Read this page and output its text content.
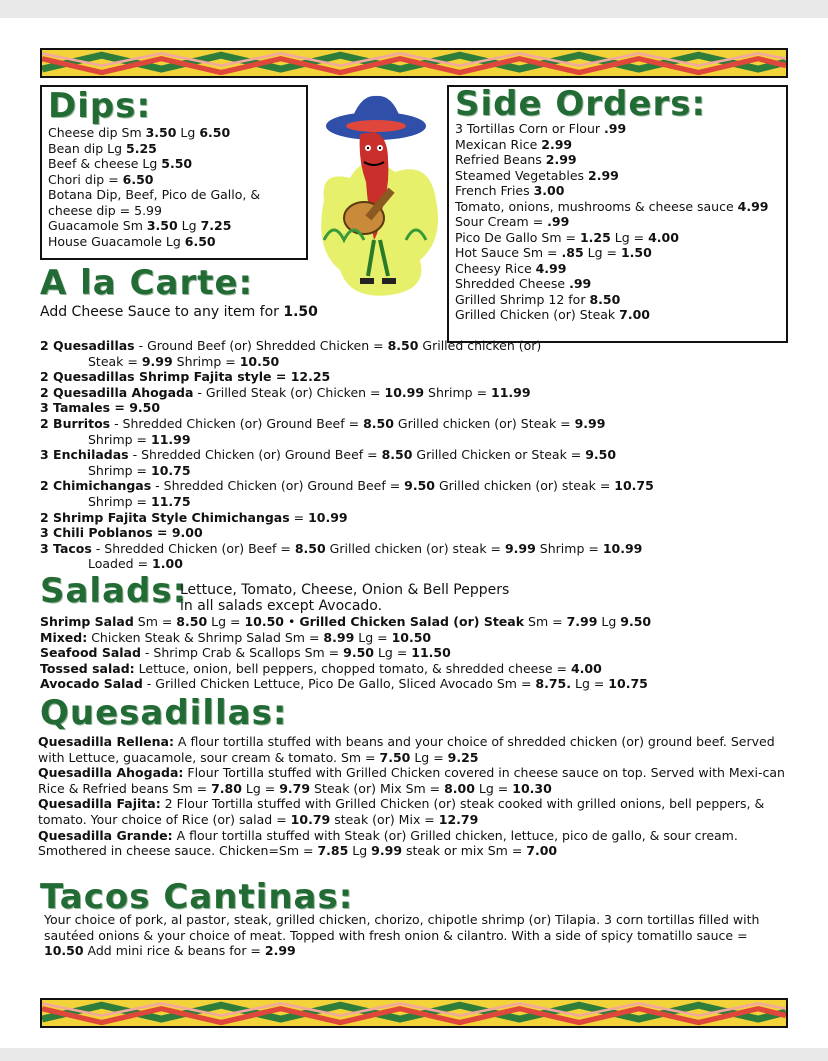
Dips:
Cheese dip Sm 3.50 Lg 6.50
Bean dip Lg 5.25
Beef & cheese Lg 5.50
Chori dip = 6.50
Botana Dip, Beef, Pico de Gallo, &
cheese dip = 5.99
Guacamole Sm 3.50 Lg 7.25
House Guacamole Lg 6.50
Side Orders:
3 Tortillas Corn or Flour .99
Mexican Rice 2.99
Refried Beans 2.99
Steamed Vegetables 2.99
French Fries 3.00
Tomato, onions, mushrooms & cheese sauce 4.99
Sour Cream = .99
Pico De Gallo Sm = 1.25 Lg = 4.00
Hot Sauce Sm = .85 Lg = 1.50
Cheesy Rice 4.99
Shredded Cheese .99
Grilled Shrimp 12 for 8.50
Grilled Chicken (or) Steak 7.00
A la Carte:
Add Cheese Sauce to any item for 1.50
2 Quesadillas - Ground Beef (or) Shredded Chicken = 8.50 Grilled chicken (or)
Steak = 9.99 Shrimp = 10.50
2 Quesadillas Shrimp Fajita style = 12.25
2 Quesadilla Ahogada - Grilled Steak (or) Chicken = 10.99 Shrimp = 11.99
3 Tamales = 9.50
2 Burritos - Shredded Chicken (or) Ground Beef = 8.50 Grilled chicken (or) Steak = 9.99
Shrimp = 11.99
3 Enchiladas - Shredded Chicken (or) Ground Beef = 8.50 Grilled Chicken or Steak = 9.50
Shrimp = 10.75
2 Chimichangas - Shredded Chicken (or) Ground Beef = 9.50 Grilled chicken (or) steak = 10.75
Shrimp = 11.75
2 Shrimp Fajita Style Chimichangas = 10.99
3 Chili Poblanos = 9.00
3 Tacos - Shredded Chicken (or) Beef = 8.50 Grilled chicken (or) steak = 9.99 Shrimp = 10.99
Loaded = 1.00
Salads:
Lettuce, Tomato, Cheese, Onion & Bell Peppers
in all salads except Avocado.
Shrimp Salad Sm = 8.50 Lg = 10.50 • Grilled Chicken Salad (or) Steak Sm = 7.99 Lg 9.50
Mixed: Chicken Steak & Shrimp Salad Sm = 8.99 Lg = 10.50
Seafood Salad - Shrimp Crab & Scallops Sm = 9.50 Lg = 11.50
Tossed salad: Lettuce, onion, bell peppers, chopped tomato, & shredded cheese = 4.00
Avocado Salad - Grilled Chicken Lettuce, Pico De Gallo, Sliced Avocado Sm = 8.75. Lg = 10.75
Quesadillas:
Quesadilla Rellena: A flour tortilla stuffed with beans and your choice of shredded chicken (or) ground beef. Served with Lettuce, guacamole, sour cream & tomato. Sm = 7.50 Lg = 9.25
Quesadilla Ahogada: Flour Tortilla stuffed with Grilled Chicken covered in cheese sauce on top. Served with Mexi-can Rice & Refried beans Sm = 7.80 Lg = 9.79 Steak (or) Mix Sm = 8.00 Lg = 10.30
Quesadilla Fajita: 2 Flour Tortilla stuffed with Grilled Chicken (or) steak cooked with grilled onions, bell peppers, & tomato. Your choice of Rice (or) salad = 10.79 steak (or) Mix = 12.79
Quesadilla Grande: A flour tortilla stuffed with Steak (or) Grilled chicken, lettuce, pico de gallo, & sour cream. Smothered in cheese sauce. Chicken=Sm = 7.85 Lg 9.99 steak or mix Sm = 7.00
Tacos Cantinas:
Your choice of pork, al pastor, steak, grilled chicken, chorizo, chipotle shrimp (or) Tilapia. 3 corn tortillas filled with sautéed onions & your choice of meat. Topped with fresh onion & cilantro. With a side of spicy tomatillo sauce = 10.50 Add mini rice & beans for = 2.99
